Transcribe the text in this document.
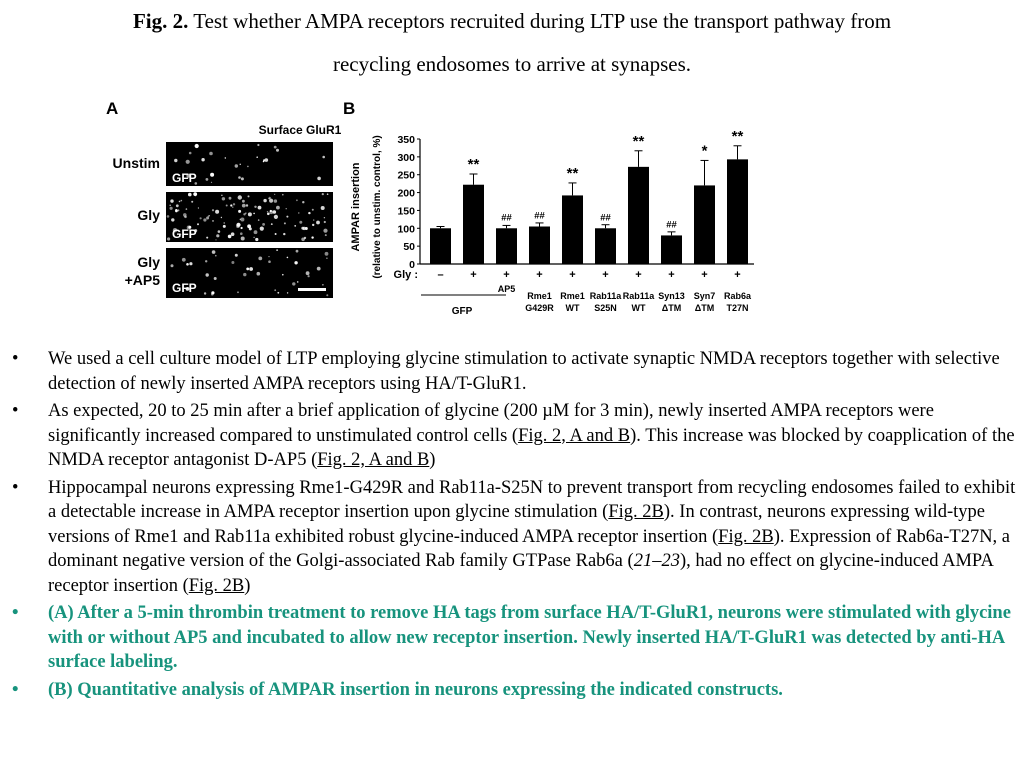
Fig. 2. Test whether AMPA receptors recruited during LTP use the transport pathway from
recycling endosomes to arrive at synapses.
A
Surface GluR1
Unstim
Gly
Gly
+AP5
GFP
GFP
GFP
B
AMPAR insertion (relative to unstim. control, %) Gly :
GFP
0
50
100
150
200
250
300
350
–
**
+
##
+
AP5
##
+
Rme1
G429R
**
+
Rme1
WT
##
+
Rab11a
S25N
**
+
Rab11a
WT
##
+
Syn13
ΔTM
*
+
Syn7
ΔTM
**
+
Rab6a
T27N
• We used a cell culture model of LTP employing glycine stimulation to activate synaptic NMDA receptors together with selective detection of newly inserted AMPA receptors using HA/T-GluR1.
• As expected, 20 to 25 min after a brief application of glycine (200 µM for 3 min), newly inserted AMPA receptors were significantly increased compared to unstimulated control cells (Fig. 2, A and B). This increase was blocked by coapplication of the NMDA receptor antagonist D-AP5 (Fig. 2, A and B)
• Hippocampal neurons expressing Rme1-G429R and Rab11a-S25N to prevent transport from recycling endosomes failed to exhibit a detectable increase in AMPA receptor insertion upon glycine stimulation (Fig. 2B). In contrast, neurons expressing wild-type versions of Rme1 and Rab11a exhibited robust glycine-induced AMPA receptor insertion (Fig. 2B). Expression of Rab6a-T27N, a dominant negative version of the Golgi-associated Rab family GTPase Rab6a (21–23), had no effect on glycine-induced AMPA receptor insertion (Fig. 2B)
• (A) After a 5-min thrombin treatment to remove HA tags from surface HA/T-GluR1, neurons were stimulated with glycine with or without AP5 and incubated to allow new receptor insertion. Newly inserted HA/T-GluR1 was detected by anti-HA surface labeling.
• (B) Quantitative analysis of AMPAR insertion in neurons expressing the indicated constructs.
